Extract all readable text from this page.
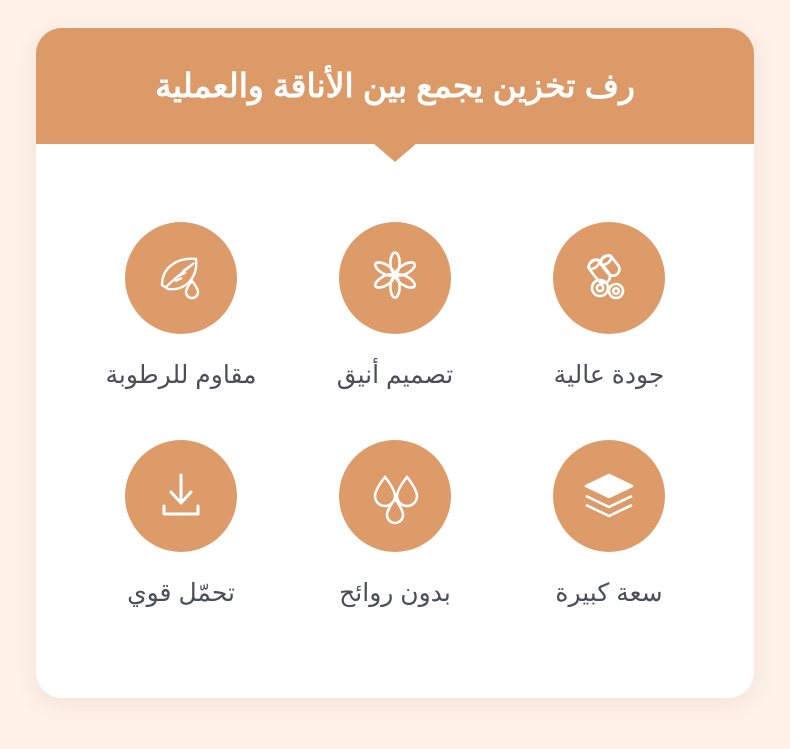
رف تخزين يجمع بين الأناقة والعملية
جودة عالية
تصميم أنيق
مقاوم للرطوبة
سعة كبيرة
بدون روائح
تحمّل قوي
